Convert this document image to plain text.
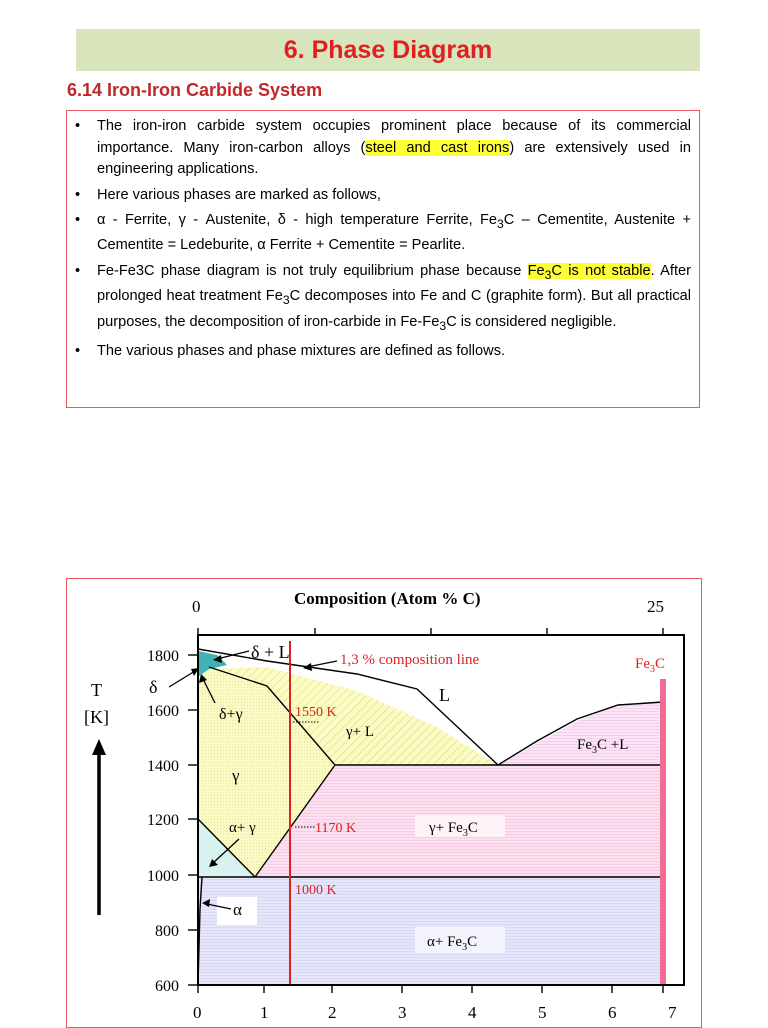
6. Phase Diagram
6.14 Iron-Iron Carbide System
• The iron-iron carbide system occupies prominent place because of its commercial importance. Many iron-carbon alloys (steel and cast irons) are extensively used in engineering applications.
• Here various phases are marked as follows,
• α - Ferrite, γ - Austenite, δ - high temperature Ferrite, $Fe_3C$ – Cementite, Austenite + Cementite = Ledeburite, α Ferrite + Cementite = Pearlite.
• Fe-Fe3C phase diagram is not truly equilibrium phase because $Fe_3C$ is not stable. After prolonged heat treatment $Fe_3C$ decomposes into Fe and C (graphite form). But all practical purposes, the decomposition of iron-carbide in $Fe-Fe_3C$ is considered negligible.
• The various phases and phase mixtures are defined as follows.
0	25
Composition (Atom % C)
1800
1600
1400
1200
1000
800
600
T
[K]
0	1	2	3	4	5	6	7
δ + L	1,3 % composition line	$Fe_3C$
δ
δ+γ	1550 K
L
γ+ L
$Fe_3C +L$
γ
α+ γ	1170 K	$\gamma+ Fe_3C$
1000 K
α
$\alpha+ Fe_3C$
